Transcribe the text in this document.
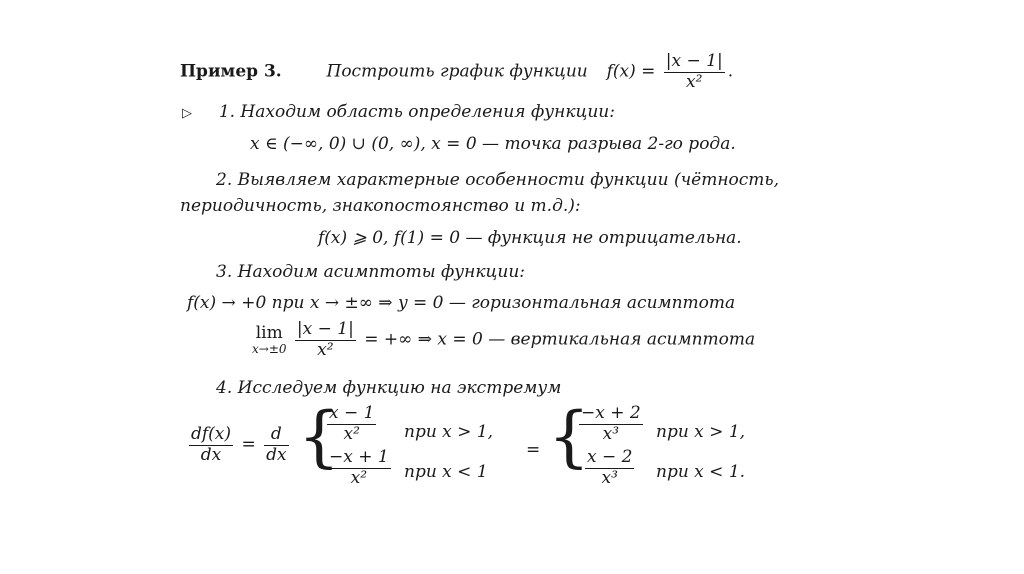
Пример 3.	Построить график функции $f(x) = \frac{|x - 1|}{\text{x²}}$ .
▷ 1. Находим область определения функции:
x ∈ (−∞, 0) ∪ (0, ∞), x = 0 — точка разрыва 2-го рода.
2. Выявляем характерные особенности функции (чётность,
периодичность, знакопостоянство и т.д.):
f(x) ⩾ 0, f(1) = 0 — функция не отрицательна.
3. Находим асимптоты функции:
f(x) → +0 при x → ±∞ ⇒ y = 0 — горизонтальная асимптота
lim
x→±0
$\frac{|x - 1|}{\text{x²}}$ = +∞ ⇒ x = 0 — вертикальная асимптота
4. Исследуем функцию на экстремум
$\frac{df(x)}{dx} = \frac{d}{dx}$ {
$\frac{x - 1}{\text{x²}}$ при x > 1,
$\frac{-x + 1}{\text{x²}}$ при x < 1
= {
$\frac{-x + 2}{\text{x³}}$ при x > 1,
$\frac{x - 2}{\text{x³}}$ при x < 1.
